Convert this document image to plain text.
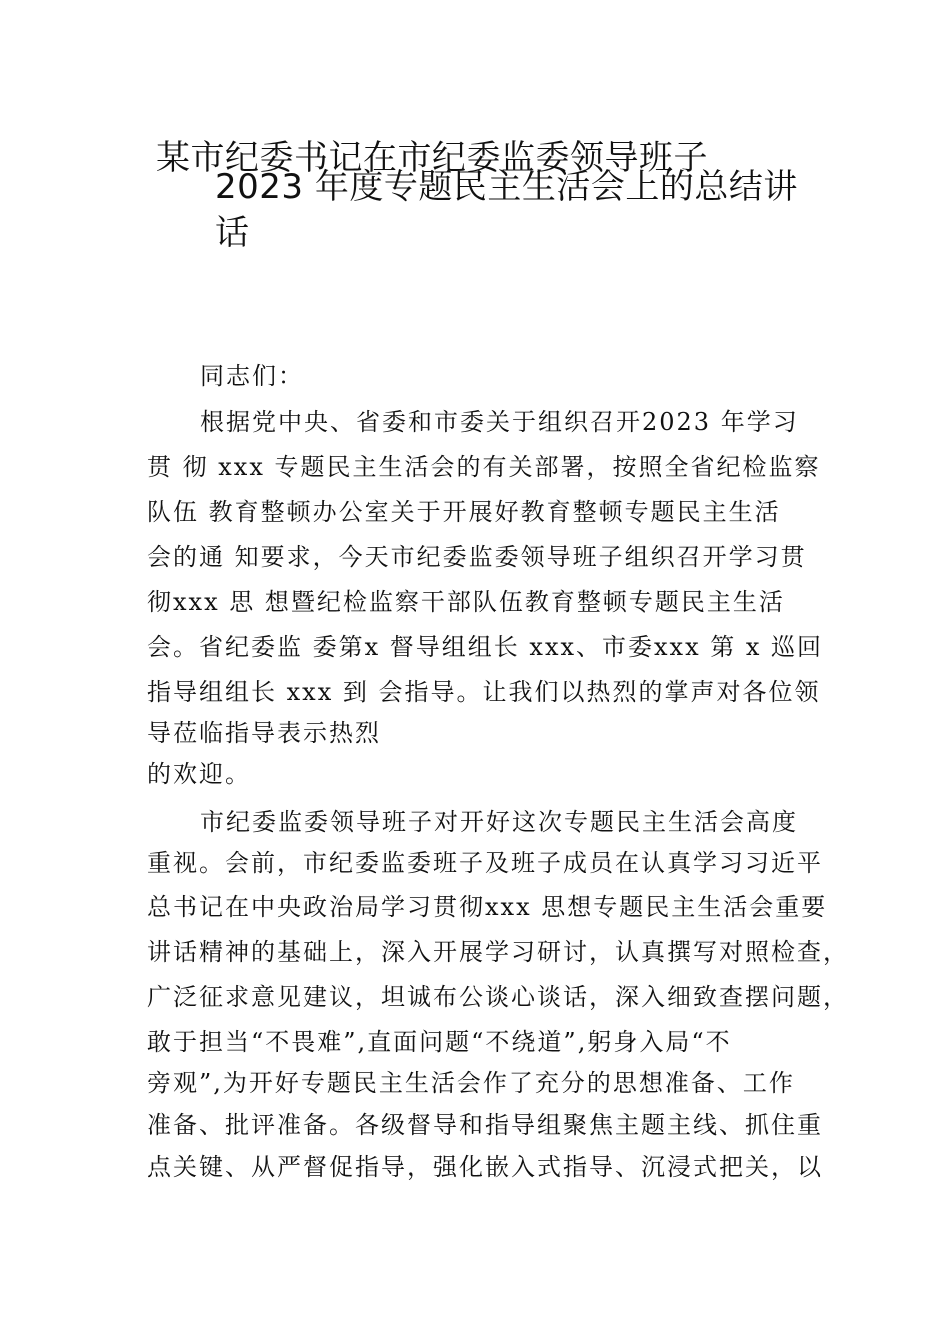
某市纪委书记在市纪委监委领导班子
2023 年度专题民主生活会上的总结讲
话
同志们：
根据党中央、省委和市委关于组织召开2023 年学习
贯 彻 xxx 专题民主生活会的有关部署，按照全省纪检监察
队伍 教育整顿办公室关于开展好教育整顿专题民主生活
会的通 知要求，今天市纪委监委领导班子组织召开学习贯
彻xxx 思 想暨纪检监察干部队伍教育整顿专题民主生活
会。省纪委监 委第x 督导组组长 xxx、市委xxx 第 x 巡回
指导组组长 xxx 到 会指导。让我们以热烈的掌声对各位领
导莅临指导表示热烈
的欢迎。
市纪委监委领导班子对开好这次专题民主生活会高度
重视。会前，市纪委监委班子及班子成员在认真学习习近平
总书记在中央政治局学习贯彻xxx 思想专题民主生活会重要
讲话精神的基础上，深入开展学习研讨，认真撰写对照检查，
广泛征求意见建议，坦诚布公谈心谈话，深入细致查摆问题，
敢于担当“不畏难”,直面问题“不绕道”,躬身入局“不
旁观”,为开好专题民主生活会作了充分的思想准备、工作
准备、批评准备。各级督导和指导组聚焦主题主线、抓住重
点关键、从严督促指导，强化嵌入式指导、沉浸式把关，以
